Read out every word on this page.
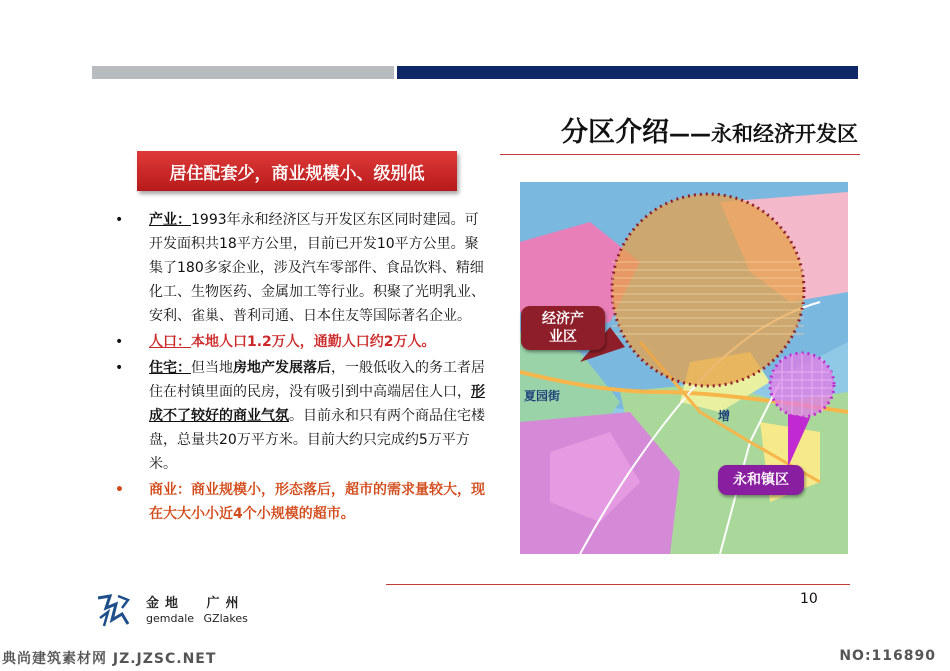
分区介绍——永和经济开发区
居住配套少，商业规模小、级别低
• 产业：1993年永和经济区与开发区东区同时建园。可开发面积共18平方公里，目前已开发10平方公里。聚集了180多家企业，涉及汽车零部件、食品饮料、精细化工、生物医药、金属加工等行业。积聚了光明乳业、安利、雀巢、普利司通、日本住友等国际著名企业。
• 人口：本地人口1.2万人，通勤人口约2万人。
• 住宅：但当地房地产发展落后，一般低收入的务工者居住在村镇里面的民房，没有吸引到中高端居住人口，形成不了较好的商业气氛。目前永和只有两个商品住宅楼盘，总量共20万平方米。目前大约只完成约5万平方米。
• 商业：商业规模小，形态落后，超市的需求量较大，现在大大小小近4个小规模的超市。
夏园街
增
经济产
业区
永和镇区
10
金地 广州
gemdale GZlakes
典尚建筑素材网 JZ.JZSC.NET	NO:116890
